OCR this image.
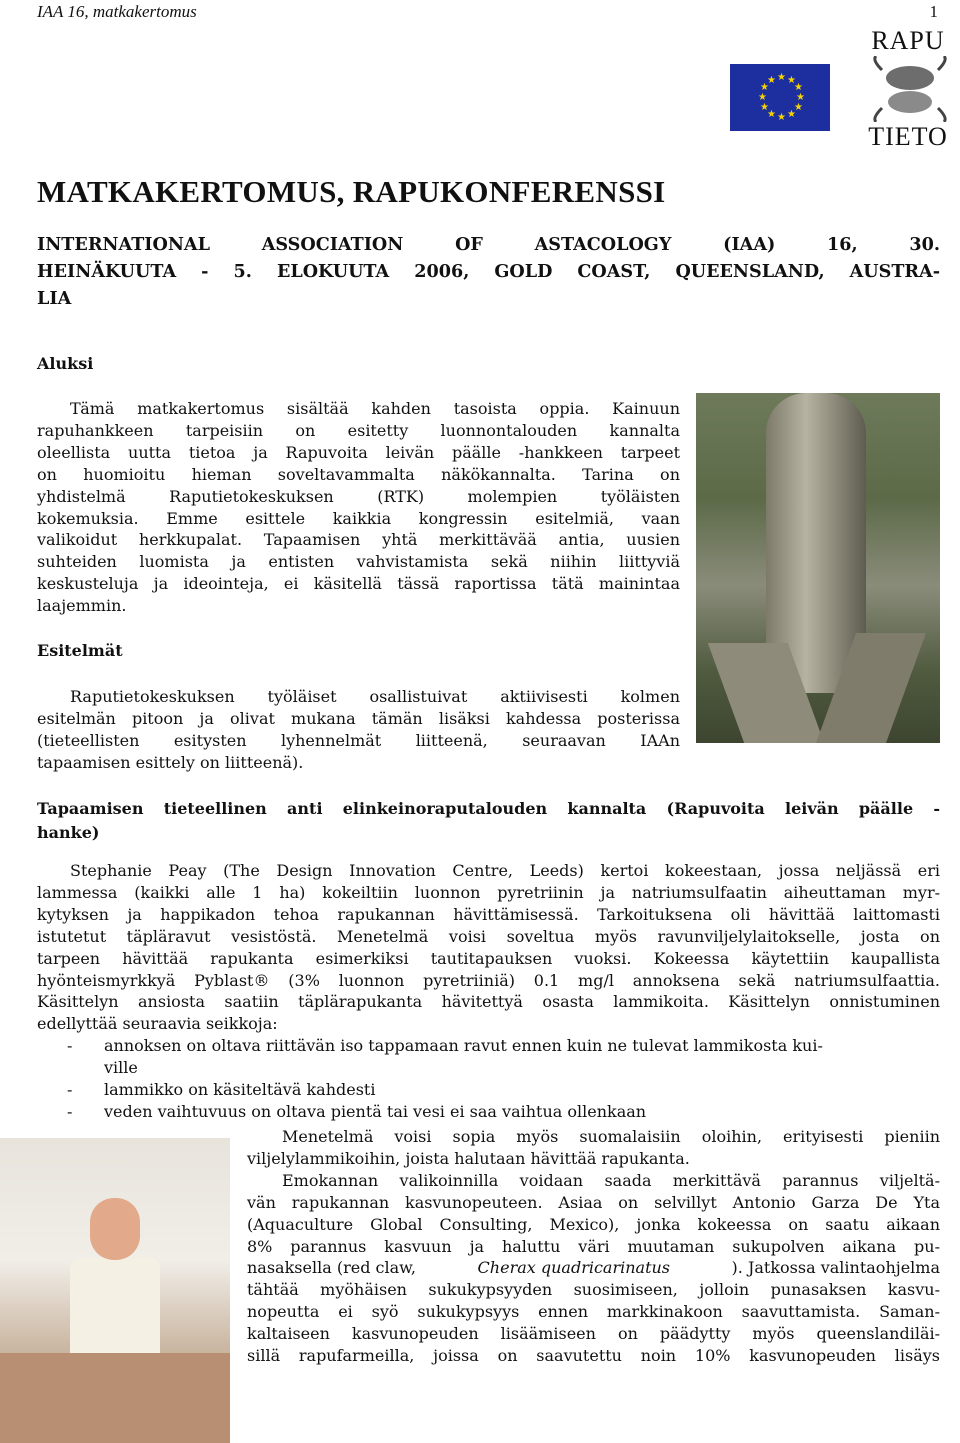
IAA 16, matkakertomus	1
★ ★
★
★
★
★
★
★
★
★
★
★
RAPU
TIETO
MATKAKERTOMUS, RAPUKONFERENSSI
INTERNATIONAL ASSOCIATION OF ASTACOLOGY (IAA) 16, 30.
HEINÄKUUTA - 5. ELOKUUTA 2006, GOLD COAST, QUEENSLAND, AUSTRA-
LIA
Aluksi
Tämä matkakertomus sisältää kahden tasoista oppia. Kainuun
rapuhankkeen tarpeisiin on esitetty luonnontalouden kannalta
oleellista uutta tietoa ja Rapuvoita leivän päälle -hankkeen tarpeet
on huomioitu hieman soveltavammalta näkökannalta. Tarina on
yhdistelmä Raputietokeskuksen (RTK) molempien työläisten
kokemuksia. Emme esittele kaikkia kongressin esitelmiä, vaan
valikoidut herkkupalat. Tapaamisen yhtä merkittävää antia, uusien
suhteiden luomista ja entisten vahvistamista sekä niihin liittyviä
keskusteluja ja ideointeja, ei käsitellä tässä raportissa tätä mainintaa
laajemmin.
Esitelmät
Raputietokeskuksen työläiset osallistuivat aktiivisesti kolmen
esitelmän pitoon ja olivat mukana tämän lisäksi kahdessa posterissa
(tieteellisten esitysten lyhennelmät liitteenä, seuraavan IAAn
tapaamisen esittely on liitteenä).
Tapaamisen tieteellinen anti elinkeinoraputalouden kannalta (Rapuvoita leivän päälle -
hanke)
Stephanie Peay (The Design Innovation Centre, Leeds) kertoi kokeestaan, jossa neljässä eri
lammessa (kaikki alle 1 ha) kokeiltiin luonnon pyretriinin ja natriumsulfaatin aiheuttaman myr-
kytyksen ja happikadon tehoa rapukannan hävittämisessä. Tarkoituksena oli hävittää laittomasti
istutetut täpläravut vesistöstä. Menetelmä voisi soveltua myös ravunviljelylaitokselle, josta on
tarpeen hävittää rapukanta esimerkiksi tautitapauksen vuoksi. Kokeessa käytettiin kaupallista
hyönteismyrkkyä Pyblast® (3% luonnon pyretriiniä) 0.1 mg/l annoksena sekä natriumsulfaattia.
Käsittelyn ansiosta saatiin täplärapukanta hävitettyä osasta lammikoita. Käsittelyn onnistuminen
edellyttää seuraavia seikkoja:
- annoksen on oltava riittävän iso tappamaan ravut ennen kuin ne tulevat lammikosta kui-
ville
- lammikko on käsiteltävä kahdesti
- veden vaihtuvuus on oltava pientä tai vesi ei saa vaihtua ollenkaan
Menetelmä voisi sopia myös suomalaisiin oloihin, erityisesti pieniin
viljelylammikoihin, joista halutaan hävittää rapukanta.
Emokannan valikoinnilla voidaan saada merkittävä parannus viljeltä-
vän rapukannan kasvunopeuteen. Asiaa on selvillyt Antonio Garza De Yta
(Aquaculture Global Consulting, Mexico), jonka kokeessa on saatu aikaan
8% parannus kasvuun ja haluttu väri muutaman sukupolven aikana pu-
nasaksella (red claw,	Cherax quadricarinatus	). Jatkossa valintaohjelma
tähtää myöhäisen sukukypsyyden suosimiseen, jolloin punasaksen kasvu-
nopeutta ei syö sukukypsyys ennen markkinakoon saavuttamista. Saman-
kaltaiseen kasvunopeuden lisäämiseen on päädytty myös queenslandiläi-
sillä rapufarmeilla, joissa on saavutettu noin 10% kasvunopeuden lisäys
